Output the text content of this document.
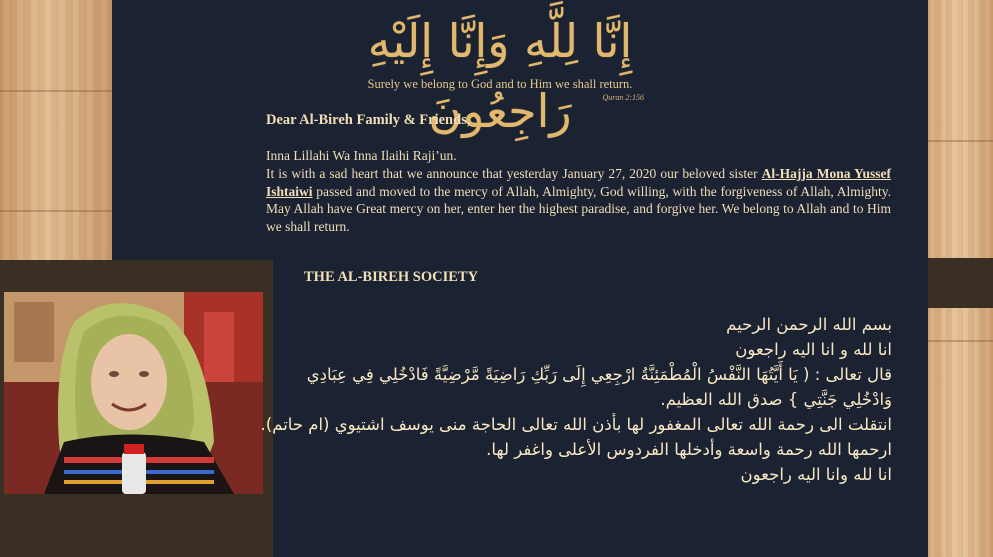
إِنَّا لِلَّهِ وَإِنَّا إِلَيْهِ رَاجِعُونَ
Surely we belong to God and to Him we shall return.
Quran 2:156
Dear Al-Bireh Family & Friends,
Inna Lillahi Wa Inna Ilaihi Raji’un.
It is with a sad heart that we announce that yesterday January 27, 2020 our beloved sister Al-Hajja Mona Yussef Ishtaiwi passed and moved to the mercy of Allah, Almighty, God willing, with the forgiveness of Allah, Almighty. May Allah have Great mercy on her, enter her the highest paradise, and forgive her. We belong to Allah and to Him we shall return.
THE AL-BIREH SOCIETY
بسم الله الرحمن الرحيم
انا لله و انا اليه راجعون
قال تعالى : ( يَا أَيَّتُهَا النَّفْسُ الْمُطْمَئِنَّةُ ارْجِعِي إِلَى رَبِّكِ رَاضِيَةً مَّرْضِيَّةً فَادْخُلِي فِي عِبَادِي
وَادْخُلِي جَنَّتِي } صدق الله العظيم.
انتقلت الى رحمة الله تعالى المغفور لها بأذن الله تعالى الحاجة منى يوسف اشتيوي (ام حاتم).
ارحمها الله رحمة واسعة وأدخلها الفردوس الأعلى واغفر لها.
انا لله وانا اليه راجعون
